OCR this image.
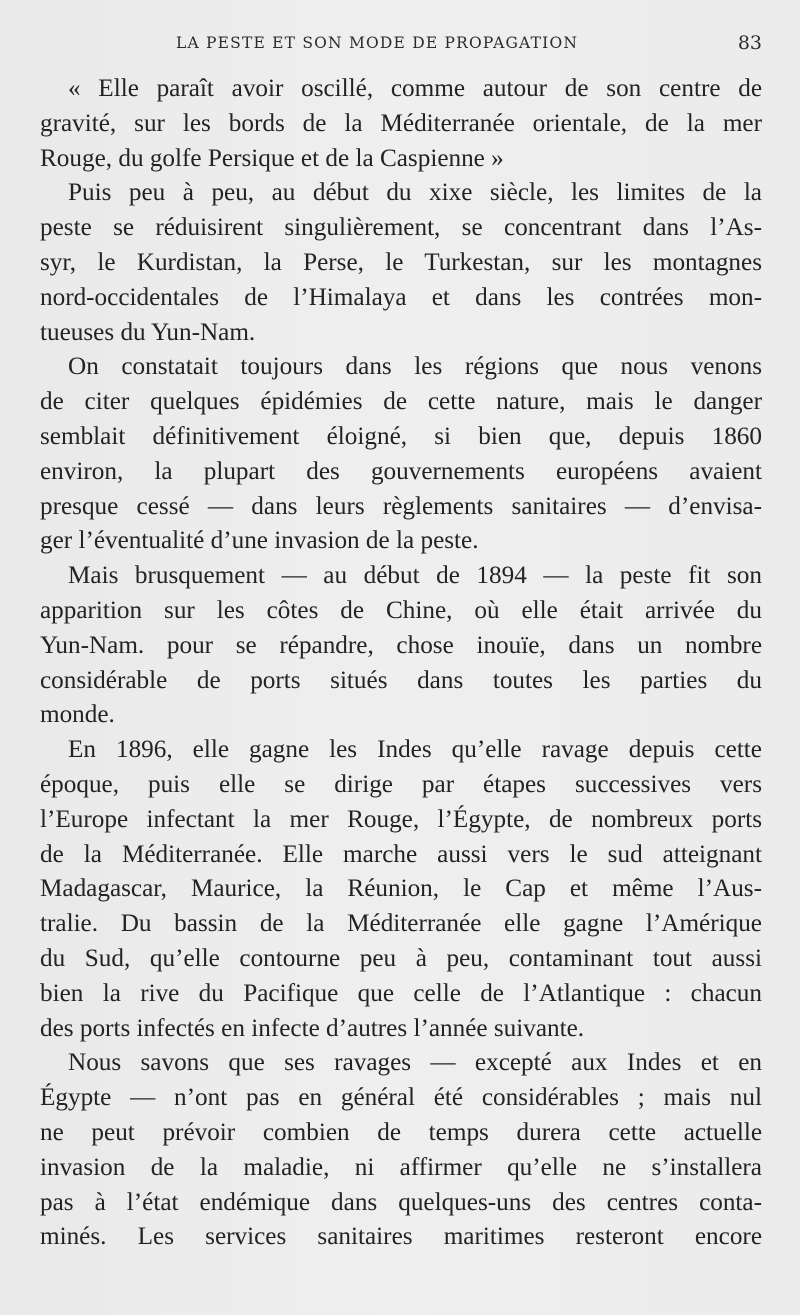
LA PESTE ET SON MODE DE PROPAGATION	83
« Elle paraît avoir oscillé, comme autour de son centre de
gravité, sur les bords de la Méditerranée orientale, de la mer
Rouge, du golfe Persique et de la Caspienne »
Puis peu à peu, au début du xixe siècle, les limites de la
peste se réduisirent singulièrement, se concentrant dans l’As-
syr, le Kurdistan, la Perse, le Turkestan, sur les montagnes
nord-occidentales de l’Himalaya et dans les contrées mon-
tueuses du Yun-Nam.
On constatait toujours dans les régions que nous venons
de citer quelques épidémies de cette nature, mais le danger
semblait définitivement éloigné, si bien que, depuis 1860
environ, la plupart des gouvernements européens avaient
presque cessé — dans leurs règlements sanitaires — d’envisa-
ger l’éventualité d’une invasion de la peste.
Mais brusquement — au début de 1894 — la peste fit son
apparition sur les côtes de Chine, où elle était arrivée du
Yun-Nam. pour se répandre, chose inouïe, dans un nombre
considérable de ports situés dans toutes les parties du
monde.
En 1896, elle gagne les Indes qu’elle ravage depuis cette
époque, puis elle se dirige par étapes successives vers
l’Europe infectant la mer Rouge, l’Égypte, de nombreux ports
de la Méditerranée. Elle marche aussi vers le sud atteignant
Madagascar, Maurice, la Réunion, le Cap et même l’Aus-
tralie. Du bassin de la Méditerranée elle gagne l’Amérique
du Sud, qu’elle contourne peu à peu, contaminant tout aussi
bien la rive du Pacifique que celle de l’Atlantique : chacun
des ports infectés en infecte d’autres l’année suivante.
Nous savons que ses ravages — excepté aux Indes et en
Égypte — n’ont pas en général été considérables ; mais nul
ne peut prévoir combien de temps durera cette actuelle
invasion de la maladie, ni affirmer qu’elle ne s’installera
pas à l’état endémique dans quelques-uns des centres conta-
minés. Les services sanitaires maritimes resteront encore
